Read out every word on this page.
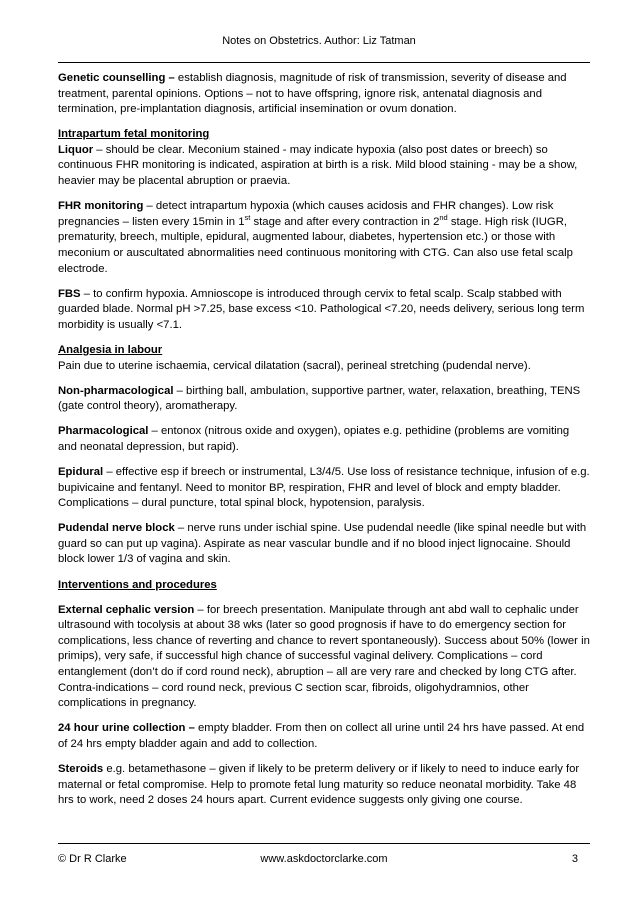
Notes on Obstetrics. Author: Liz Tatman

Genetic counselling – establish diagnosis, magnitude of risk of transmission, severity of disease and treatment, parental opinions. Options – not to have offspring, ignore risk, antenatal diagnosis and termination, pre-implantation diagnosis, artificial insemination or ovum donation.

Intrapartum fetal monitoring
Liquor – should be clear. Meconium stained - may indicate hypoxia (also post dates or breech) so continuous FHR monitoring is indicated, aspiration at birth is a risk. Mild blood staining - may be a show, heavier may be placental abruption or praevia.

FHR monitoring – detect intrapartum hypoxia (which causes acidosis and FHR changes). Low risk pregnancies – listen every 15min in 1st stage and after every contraction in 2nd stage. High risk (IUGR, prematurity, breech, multiple, epidural, augmented labour, diabetes, hypertension etc.) or those with meconium or auscultated abnormalities need continuous monitoring with CTG. Can also use fetal scalp electrode.

FBS – to confirm hypoxia. Amnioscope is introduced through cervix to fetal scalp. Scalp stabbed with guarded blade. Normal pH >7.25, base excess <10. Pathological <7.20, needs delivery, serious long term morbidity is usually <7.1.

Analgesia in labour
Pain due to uterine ischaemia, cervical dilatation (sacral), perineal stretching (pudendal nerve).

Non-pharmacological – birthing ball, ambulation, supportive partner, water, relaxation, breathing, TENS (gate control theory), aromatherapy.

Pharmacological – entonox (nitrous oxide and oxygen), opiates e.g. pethidine (problems are vomiting and neonatal depression, but rapid).

Epidural – effective esp if breech or instrumental, L3/4/5. Use loss of resistance technique, infusion of e.g. bupivicaine and fentanyl. Need to monitor BP, respiration, FHR and level of block and empty bladder. Complications – dural puncture, total spinal block, hypotension, paralysis.

Pudendal nerve block – nerve runs under ischial spine. Use pudendal needle (like spinal needle but with guard so can put up vagina). Aspirate as near vascular bundle and if no blood inject lignocaine. Should block lower 1/3 of vagina and skin.

Interventions and procedures

External cephalic version – for breech presentation. Manipulate through ant abd wall to cephalic under ultrasound with tocolysis at about 38 wks (later so good prognosis if have to do emergency section for complications, less chance of reverting and chance to revert spontaneously). Success about 50% (lower in primips), very safe, if successful high chance of successful vaginal delivery. Complications – cord entanglement (don’t do if cord round neck), abruption – all are very rare and checked by long CTG after. Contra-indications – cord round neck, previous C section scar, fibroids, oligohydramnios, other complications in pregnancy.

24 hour urine collection – empty bladder. From then on collect all urine until 24 hrs have passed. At end of 24 hrs empty bladder again and add to collection.

Steroids e.g. betamethasone – given if likely to be preterm delivery or if likely to need to induce early for maternal or fetal compromise. Help to promote fetal lung maturity so reduce neonatal morbidity. Take 48 hrs to work, need 2 doses 24 hours apart. Current evidence suggests only giving one course.

© Dr R Clarke	www.askdoctorclarke.com	3
